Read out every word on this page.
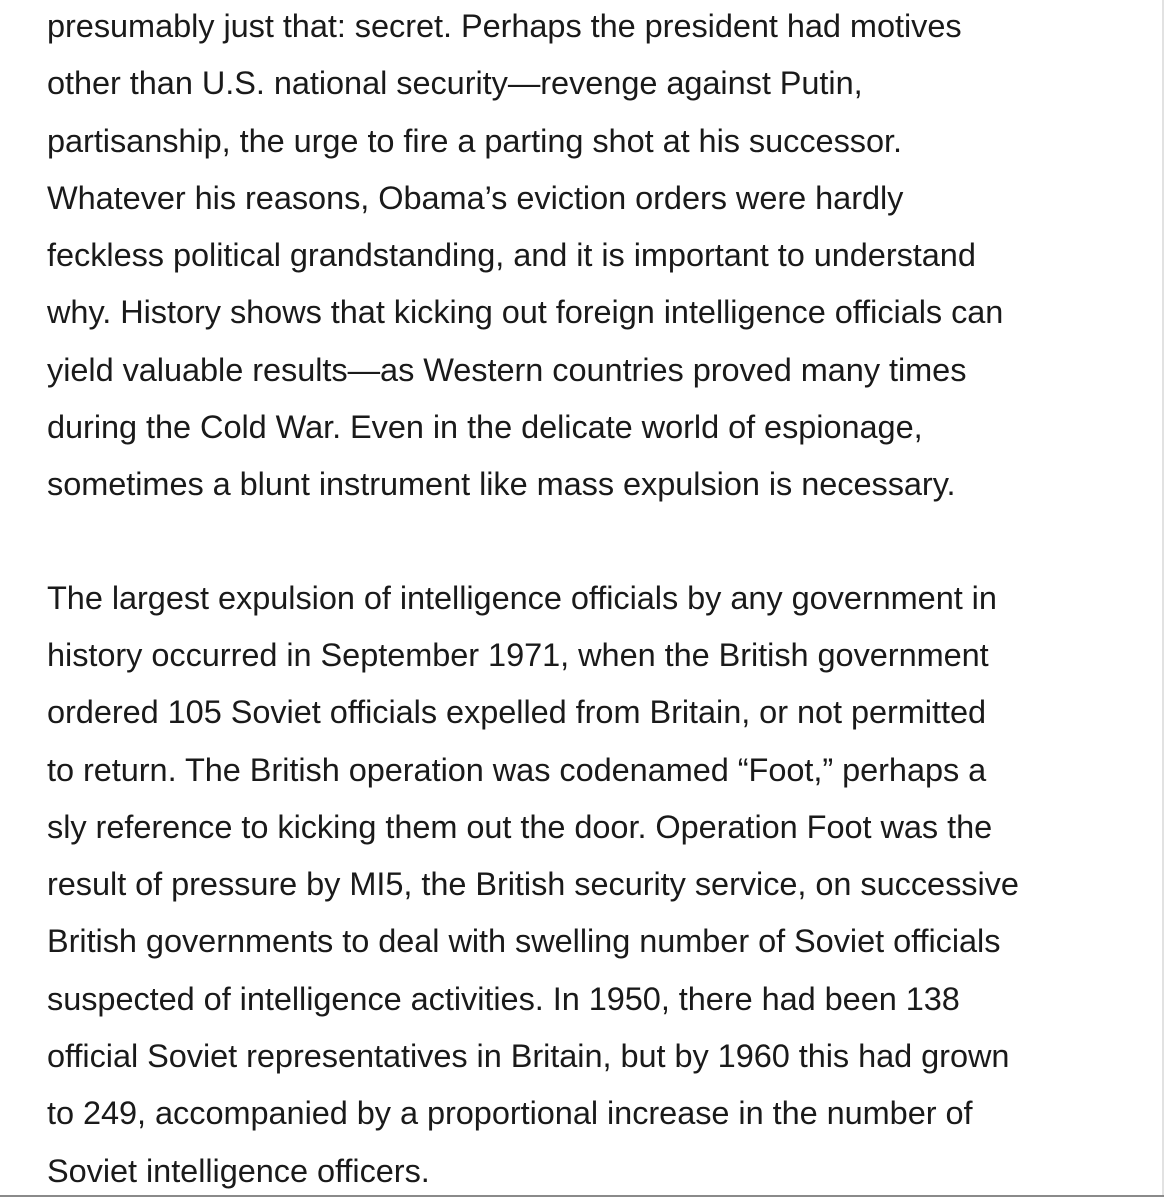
presumably just that: secret. Perhaps the president had motives
other than U.S. national security—revenge against Putin,
partisanship, the urge to fire a parting shot at his successor.
Whatever his reasons, Obama’s eviction orders were hardly
feckless political grandstanding, and it is important to understand
why. History shows that kicking out foreign intelligence officials can
yield valuable results—as Western countries proved many times
during the Cold War. Even in the delicate world of espionage,
sometimes a blunt instrument like mass expulsion is necessary.

The largest expulsion of intelligence officials by any government in
history occurred in September 1971, when the British government
ordered 105 Soviet officials expelled from Britain, or not permitted
to return. The British operation was codenamed “Foot,” perhaps a
sly reference to kicking them out the door. Operation Foot was the
result of pressure by MI5, the British security service, on successive
British governments to deal with swelling number of Soviet officials
suspected of intelligence activities. In 1950, there had been 138
official Soviet representatives in Britain, but by 1960 this had grown
to 249, accompanied by a proportional increase in the number of
Soviet intelligence officers.
